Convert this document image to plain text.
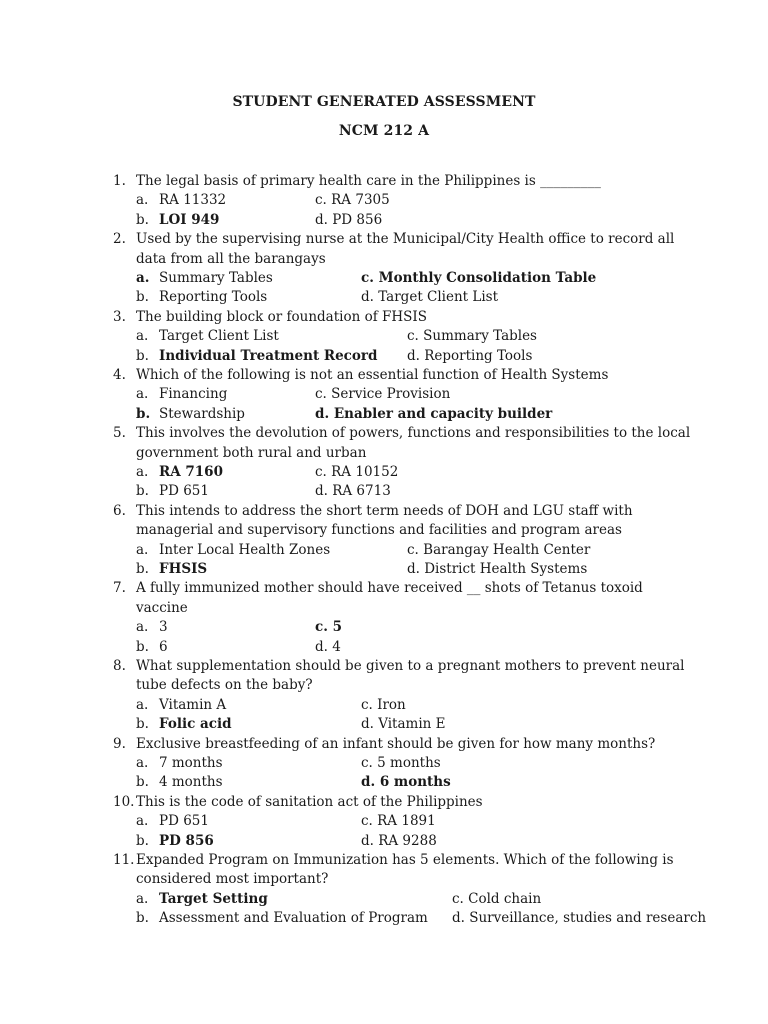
STUDENT GENERATED ASSESSMENT
NCM 212 A
1. The legal basis of primary health care in the Philippines is _________
a. RA 11332	c. RA 7305
b. LOI 949	d. PD 856
2. Used by the supervising nurse at the Municipal/City Health office to record all data from all the barangays
a. Summary Tables	c. Monthly Consolidation Table
b. Reporting Tools	d. Target Client List
3. The building block or foundation of FHSIS
a. Target Client List	c. Summary Tables
b. Individual Treatment Record d. Reporting Tools
4. Which of the following is not an essential function of Health Systems
a. Financing	c. Service Provision
b. Stewardship	d. Enabler and capacity builder
5. This involves the devolution of powers, functions and responsibilities to the local government both rural and urban
a. RA 7160	c. RA 10152
b. PD 651	d. RA 6713
6. This intends to address the short term needs of DOH and LGU staff with managerial and supervisory functions and facilities and program areas
a. Inter Local Health Zones	c. Barangay Health Center
b. FHSIS	d. District Health Systems
7. A fully immunized mother should have received __ shots of Tetanus toxoid vaccine
a. 3	c. 5
b. 6	d. 4
8. What supplementation should be given to a pregnant mothers to prevent neural tube defects on the baby?
a. Vitamin A	c. Iron
b. Folic acid	d. Vitamin E
9. Exclusive breastfeeding of an infant should be given for how many months?
a. 7 months	c. 5 months
b. 4 months	d. 6 months
10. This is the code of sanitation act of the Philippines
a. PD 651	c. RA 1891
b. PD 856	d. RA 9288
11. Expanded Program on Immunization has 5 elements. Which of the following is considered most important?
a. Target Setting	c. Cold chain
b. Assessment and Evaluation of Program d. Surveillance, studies and research
